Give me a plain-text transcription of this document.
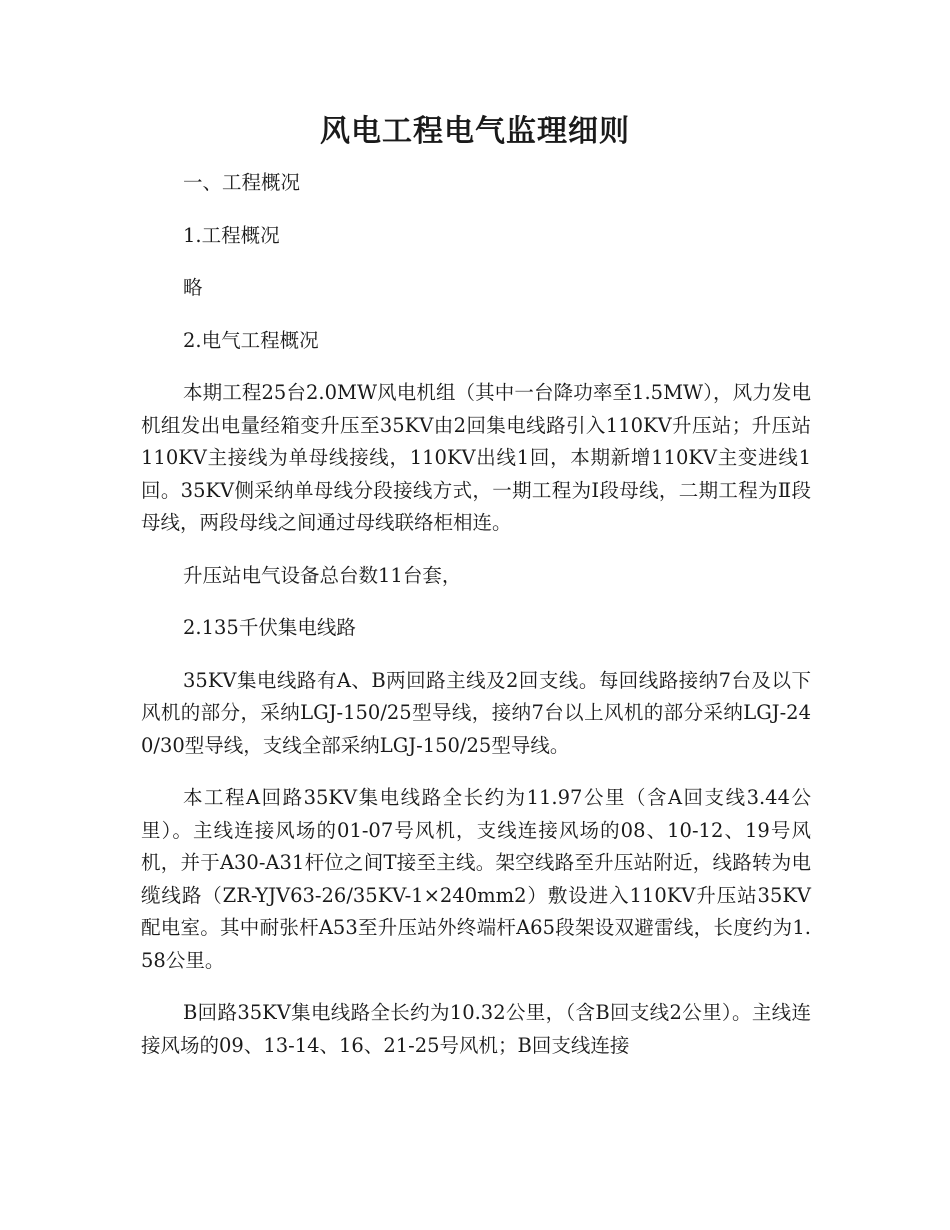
风电工程电气监理细则

一、工程概况

1.工程概况

略

2.电气工程概况

本期工程25台2.0MW风电机组（其中一台降功率至1.5MW），风力发电机组发出电量经箱变升压至35KV由2回集电线路引入110KV升压站；升压站110KV主接线为单母线接线，110KV出线1回，本期新增110KV主变进线1回。35KV侧采纳单母线分段接线方式，一期工程为Ⅰ段母线，二期工程为Ⅱ段母线，两段母线之间通过母线联络柜相连。

升压站电气设备总台数11台套，

2.135千伏集电线路

35KV集电线路有A、B两回路主线及2回支线。每回线路接纳7台及以下风机的部分，采纳LGJ-150/25型导线，接纳7台以上风机的部分采纳LGJ-240/30型导线，支线全部采纳LGJ-150/25型导线。

本工程A回路35KV集电线路全长约为11.97公里（含A回支线3.44公里）。主线连接风场的01-07号风机，支线连接风场的08、10-12、19号风机，并于A30-A31杆位之间T接至主线。架空线路至升压站附近，线路转为电缆线路（ZR-YJV63-26/35KV-1×240mm2）敷设进入110KV升压站35KV配电室。其中耐张杆A53至升压站外终端杆A65段架设双避雷线，长度约为1.58公里。

B回路35KV集电线路全长约为10.32公里，（含B回支线2公里）。主线连接风场的09、13-14、16、21-25号风机；B回支线连接
